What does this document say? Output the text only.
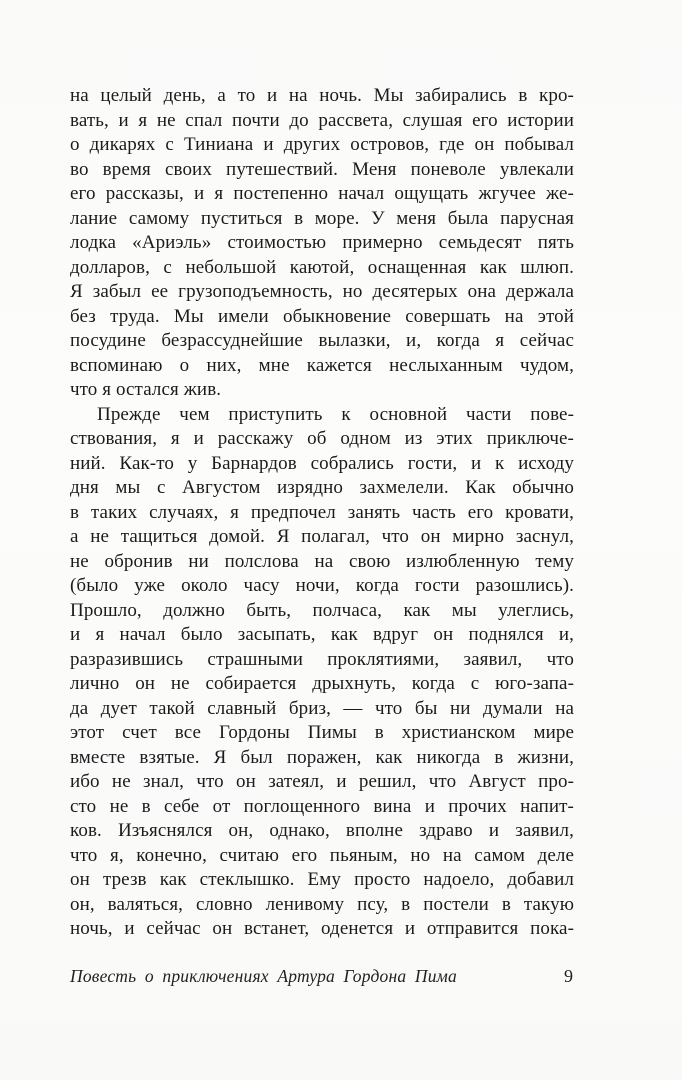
на целый день, а то и на ночь. Мы забирались в кро-
вать, и я не спал почти до рассвета, слушая его истории
о дикарях с Тиниана и других островов, где он побывал
во время своих путешествий. Меня поневоле увлекали
его рассказы, и я постепенно начал ощущать жгучее же-
лание самому пуститься в море. У меня была парусная
лодка «Ариэль» стоимостью примерно семьдесят пять
долларов, с небольшой каютой, оснащенная как шлюп.
Я забыл ее грузоподъемность, но десятерых она держала
без труда. Мы имели обыкновение совершать на этой
посудине безрассуднейшие вылазки, и, когда я сейчас
вспоминаю о них, мне кажется неслыханным чудом,
что я остался жив.
Прежде чем приступить к основной части пове-
ствования, я и расскажу об одном из этих приключе-
ний. Как-то у Барнардов собрались гости, и к исходу
дня мы с Августом изрядно захмелели. Как обычно
в таких случаях, я предпочел занять часть его кровати,
а не тащиться домой. Я полагал, что он мирно заснул,
не обронив ни полслова на свою излюбленную тему
(было уже около часу ночи, когда гости разошлись).
Прошло, должно быть, полчаса, как мы улеглись,
и я начал было засыпать, как вдруг он поднялся и,
разразившись страшными проклятиями, заявил, что
лично он не собирается дрыхнуть, когда с юго-запа-
да дует такой славный бриз, — что бы ни думали на
этот счет все Гордоны Пимы в христианском мире
вместе взятые. Я был поражен, как никогда в жизни,
ибо не знал, что он затеял, и решил, что Август про-
сто не в себе от поглощенного вина и прочих напит-
ков. Изъяснялся он, однако, вполне здраво и заявил,
что я, конечно, считаю его пьяным, но на самом деле
он трезв как стеклышко. Ему просто надоело, добавил
он, валяться, словно ленивому псу, в постели в такую
ночь, и сейчас он встанет, оденется и отправится пока-
Повесть о приключениях Артура Гордона Пима	9
